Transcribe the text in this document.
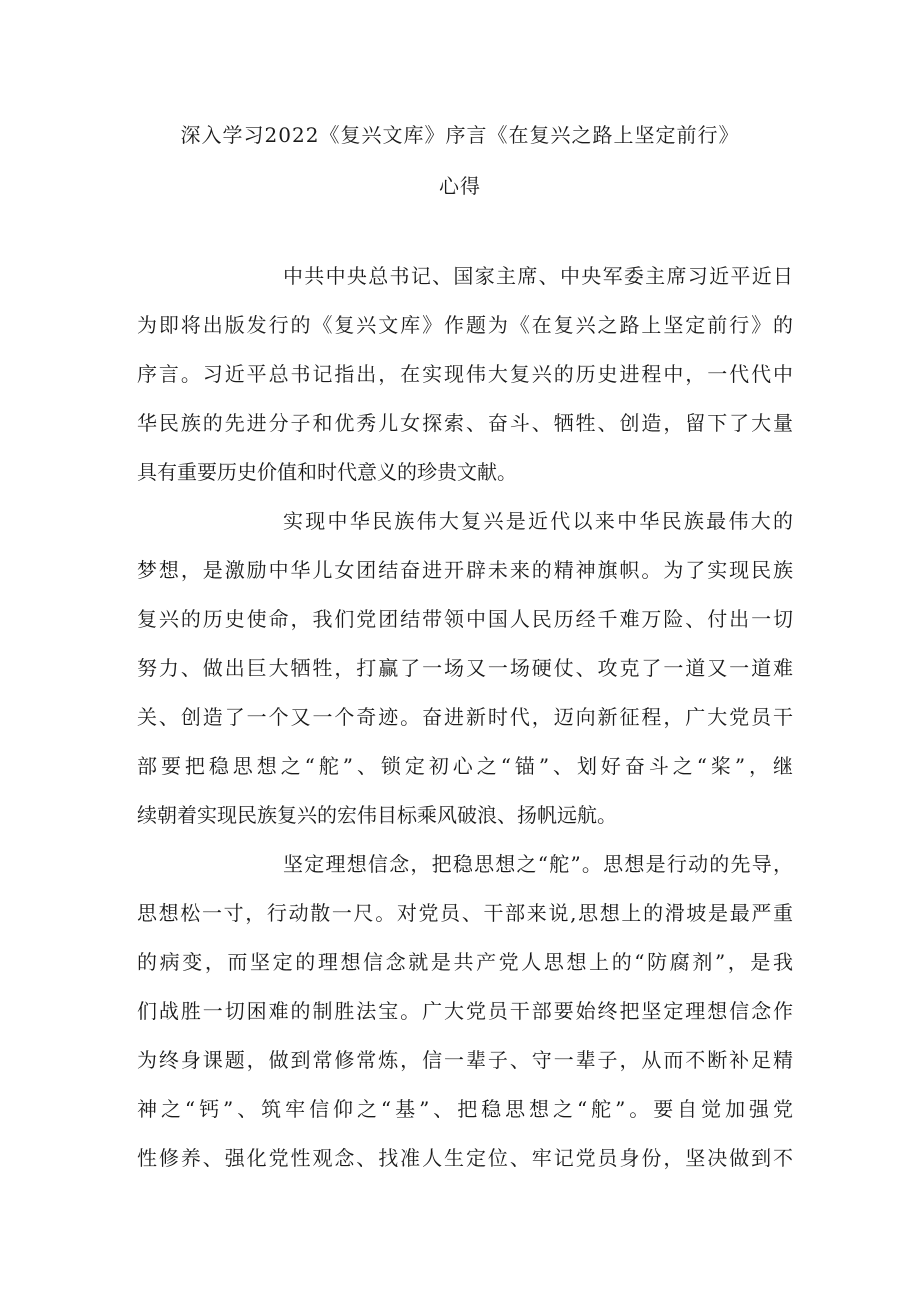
深入学习2022《复兴文库》序言《在复兴之路上坚定前行》
心得
中共中央总书记、国家主席、中央军委主席习近平近日
为即将出版发行的《复兴文库》作题为《在复兴之路上坚定前行》的
序言。习近平总书记指出，在实现伟大复兴的历史进程中，一代代中
华民族的先进分子和优秀儿女探索、奋斗、牺牲、创造，留下了大量
具有重要历史价值和时代意义的珍贵文献。
实现中华民族伟大复兴是近代以来中华民族最伟大的
梦想，是激励中华儿女团结奋进开辟未来的精神旗帜。为了实现民族
复兴的历史使命，我们党团结带领中国人民历经千难万险、付出一切
努力、做出巨大牺牲，打赢了一场又一场硬仗、攻克了一道又一道难
关、创造了一个又一个奇迹。奋进新时代，迈向新征程，广大党员干
部要把稳思想之“舵”、锁定初心之“锚”、划好奋斗之“桨”，继
续朝着实现民族复兴的宏伟目标乘风破浪、扬帆远航。
坚定理想信念，把稳思想之“舵”。思想是行动的先导，
思想松一寸，行动散一尺。对党员、干部来说,思想上的滑坡是最严重
的病变，而坚定的理想信念就是共产党人思想上的“防腐剂”，是我
们战胜一切困难的制胜法宝。广大党员干部要始终把坚定理想信念作
为终身课题，做到常修常炼，信一辈子、守一辈子，从而不断补足精
神之“钙”、筑牢信仰之“基”、把稳思想之“舵”。要自觉加强党
性修养、强化党性观念、找准人生定位、牢记党员身份，坚决做到不
